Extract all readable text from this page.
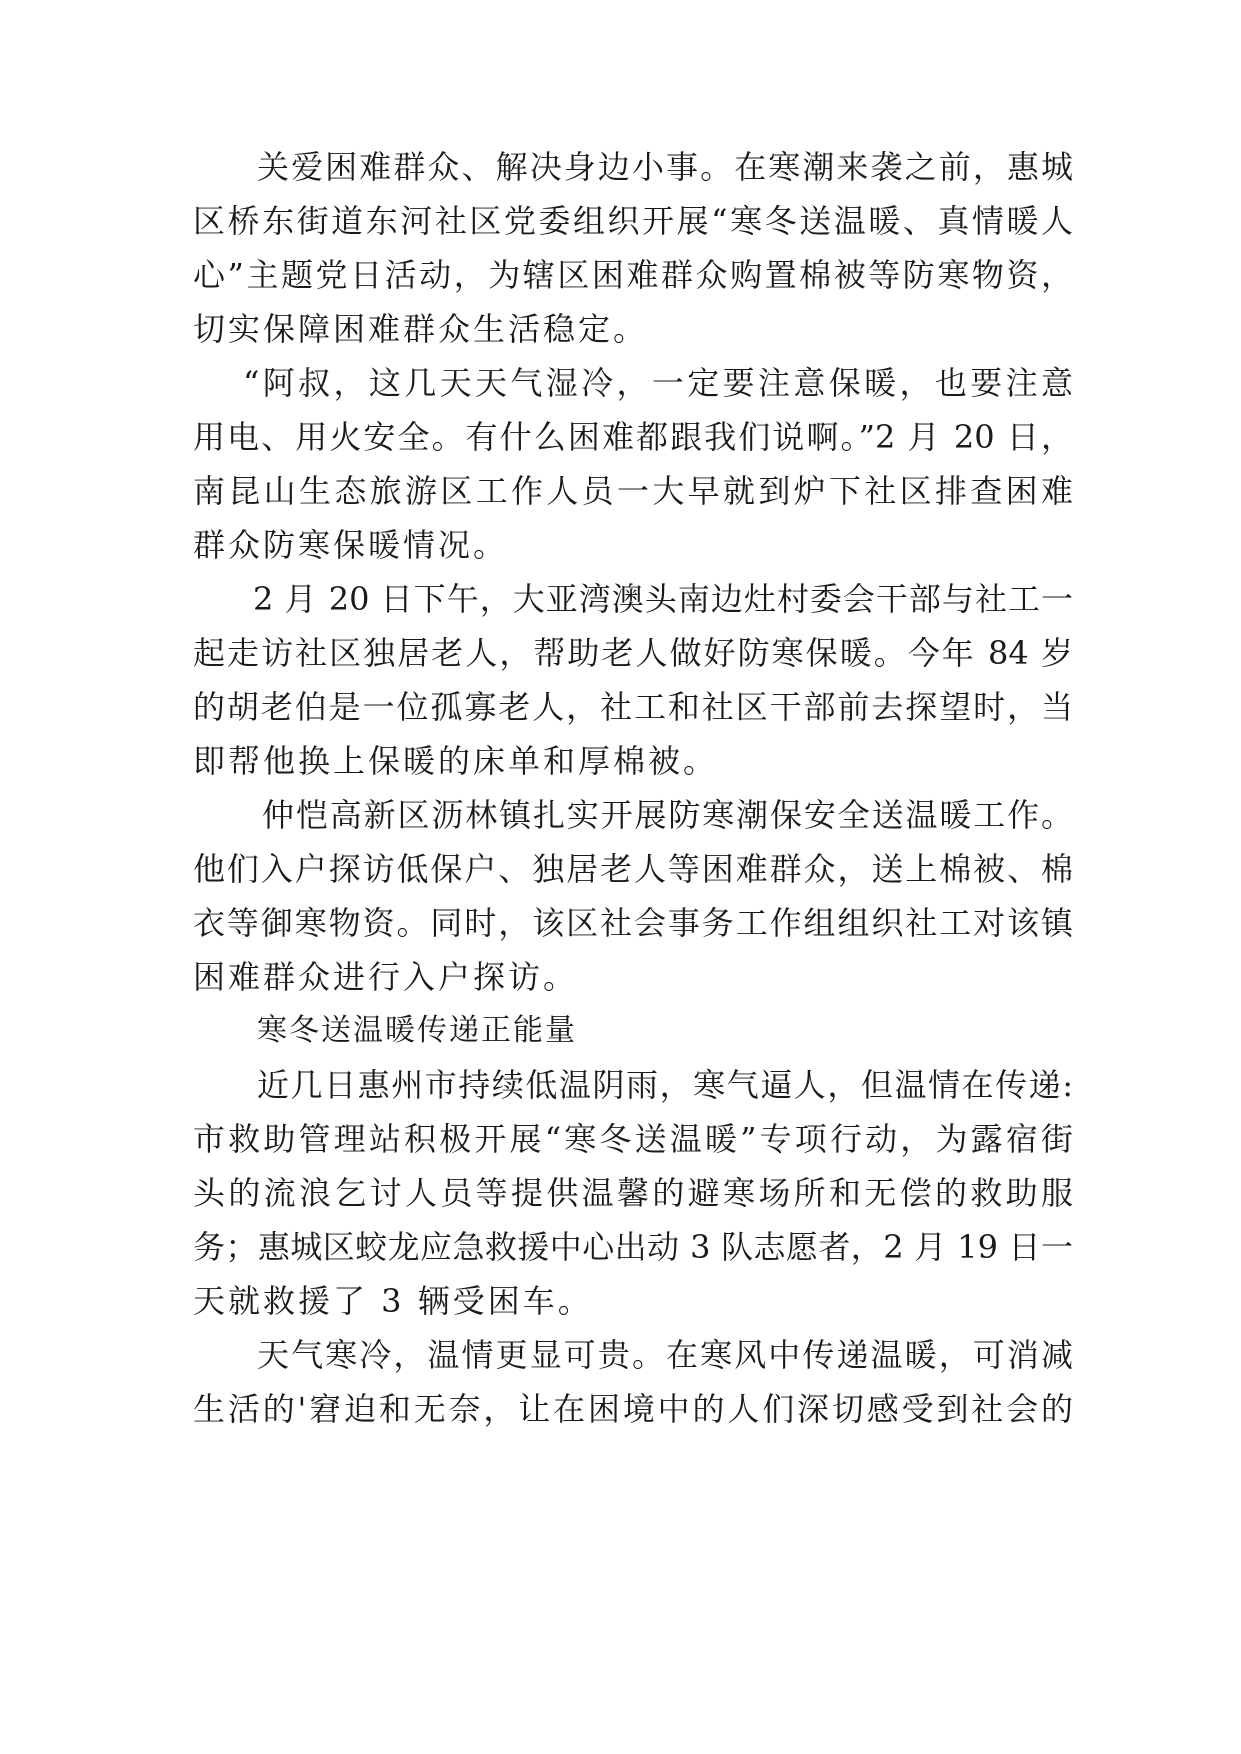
关爱困难群众、解决身边小事。在寒潮来袭之前，惠城
区桥东街道东河社区党委组织开展“寒冬送温暖、真情暖人
心”主题党日活动，为辖区困难群众购置棉被等防寒物资，
切实保障困难群众生活稳定。
“阿叔，这几天天气湿冷，一定要注意保暖，也要注意
用电、用火安全。有什么困难都跟我们说啊。”2 月 20 日，
南昆山生态旅游区工作人员一大早就到炉下社区排查困难
群众防寒保暖情况。
2 月 20 日下午，大亚湾澳头南边灶村委会干部与社工一
起走访社区独居老人，帮助老人做好防寒保暖。今年 84 岁
的胡老伯是一位孤寡老人，社工和社区干部前去探望时，当
即帮他换上保暖的床单和厚棉被。
仲恺高新区沥林镇扎实开展防寒潮保安全送温暖工作。
他们入户探访低保户、独居老人等困难群众，送上棉被、棉
衣等御寒物资。同时，该区社会事务工作组组织社工对该镇
困难群众进行入户探访。
寒冬送温暖传递正能量
近几日惠州市持续低温阴雨，寒气逼人，但温情在传递:
市救助管理站积极开展“寒冬送温暖”专项行动，为露宿街
头的流浪乞讨人员等提供温馨的避寒场所和无偿的救助服
务；惠城区蛟龙应急救援中心出动 3 队志愿者，2 月 19 日一
天就救援了 3 辆受困车。
天气寒冷，温情更显可贵。在寒风中传递温暖，可消减
生活的'窘迫和无奈，让在困境中的人们深切感受到社会的
